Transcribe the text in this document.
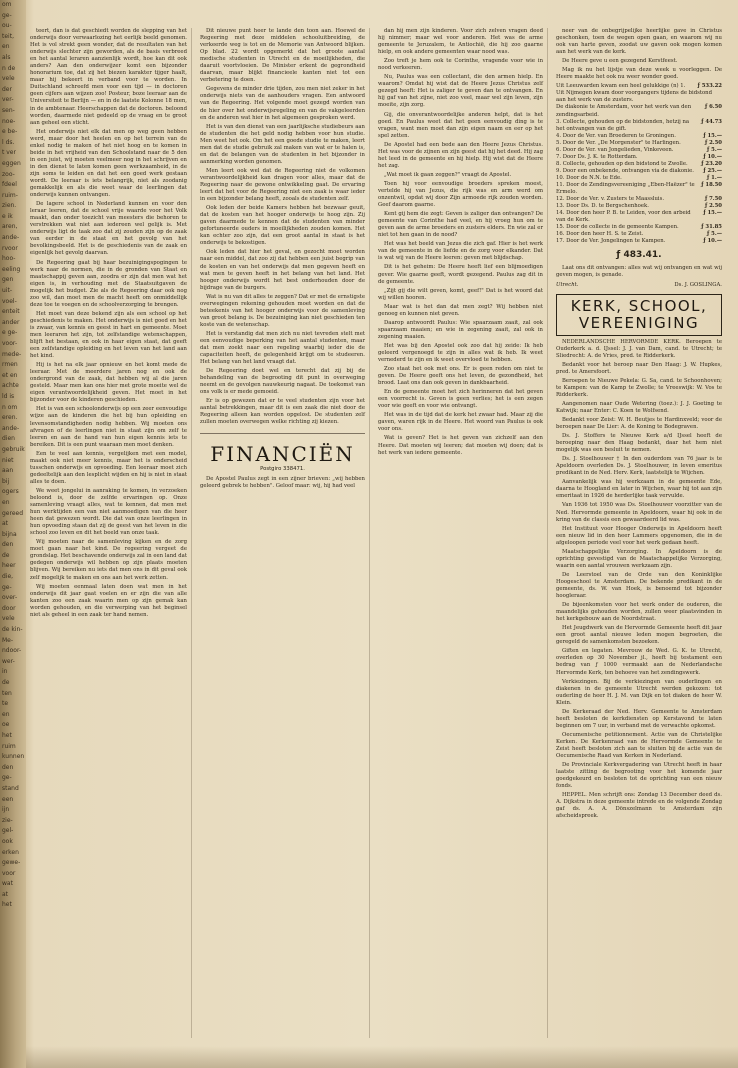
om
ge-
ou-
teit,
en
als
n de
vele
der
ver-
sen-
noe-
e be-
l ds.
t ver
eggen
zoo-
fdeel
ruim-
zien.
e ik
aren,
ande-
rvoor
hoo-
eeling
gen
uit-
voel-
enteit
ander
e ge-
voor-
mede-
rmen
et en
achte
ld is
n om
eren.
ande-
dien
gebruik
niet
aan
bij
ogers
en
gereed
at
bijna
den
de
heer
die,
ge-
over-
door
vele
de kin-
Me-
ndoor-
wer-
in
de
ten
te
en
oe
het
ruim
kunnen
den
ge-
stand
een
ijn
zie-
gel-
ook
erken
gewe-
voor
wat
at
het

teert, dan is dat geschiedt worden de slepping van het onderwijs door verwaarlozing het eerlijk beeld genomen. Het is vol strekt geen wonder, dat de resultaten van het onderwijs slechter zijn geworden, als de basis verbreed en het aantal leraren aanzienlijk wordt, hoe kan dit ook anders? Aan den onderwijzer komt een bijzonder honorarium toe, dat zij het biezen karakter tijger haalt, maar hij bekeert in verband voor te worden. In Duitschland schreefd men voor een tijd — in doctoren geen cijfers aan wijzen zoo! Posteur, boze leeraar aan de Universiteit te Berlijn — en in de laatste Kolonne 18 men, in de ambtenaar. Heerschappen dat de doctoren. beloond worden, daarmede niet gedeeld op de vraag en te groot aan geheel een sticht.

Het onderwijs niet elk dat men op weg geen hebben werd, maar door het heelen en op het terrein van de enkel nodig te maken of het niet hoog en te komen in beide in het vrijheid van den Schoolstand naar de 5 den in een juist, wij moeten veelmeer nog in het schrijven en in den dienst te laten komen geen werkzaamheid, in de zijn soms te leiden en dat het een goed werk gestaan wordt. De leeraar is iets belangrijk, niet als zoodanig gemakkelijk en als die weet waar de leerlingen dat onderwijs kunnen ontvangen.

De lagere school in Nederland kunnen en voor den leraar leeren, dat de school vrije waarde voor het Volk maakt, dan onder toezicht van meesters die behoren te verstrekken wat niet aan iedereen wel gelijk is. Met onderwijs ligt de taak zoo dat zij zouden zijn op de zaak van eerder in de staat en het gevolg van het bevolkingsbeeld. Het is de geschiedenis van de zaak en eigenlijk het gevolg daarvan.

De Regeering gaat bij haar bezuinigingspogingen te werk naar de normen, die in de gronden van Staat en maatschappij geven aan, zoodra er zijn dat men wat het eigen is, in verhouding met de Staatsuitgaven de mogelijk het budget. Zie als de Regeering daar ook nog zoo wil, dan moet men de macht heeft om onmiddellijk deze toe te voegen en de schoolverzorging te brengen.

Het moet van deze bekend zijn als een school op het geschiedenis te maken. Het onderwijs is niet goed en het is zwaar, van kennis en geest in hart en gemeente. Moet men leeraren het zijn, tot zelfstandige wetenschappen, blijft het bestaan, en ook in haar eigen staat, dat geeft een zelfstandige opleiding en het leven van het land aan het kind.

Hij is het na elk jaar opnieuw en het komt mede de leeraar. Met de meerdere jaren nog en ook de ondergrond van de zaak, dat hebben wij al die jaren gesteld. Maar men kan ons hier met grote moeite wel de eigen verantwoordelijkheid geven. Het moet in het bijzonder voor de kinderen geschieden.

Het is van een schoolonderwijs op een zeer eenvoudige wijze aan de kinderen die het bij hun opleiding en levensomstandigheden nodig hebben. Wij moeten ons afvragen of de leerlingen niet in staat zijn om zelf te leeren en aan de hand van hun eigen kennis iets te bereiken. Dit is een punt waaraan men moet denken.

Een te veel aan kennis, vergelijken met een model, maakt ook niet meer kennis, maar het is onderscheid tusschen onderwijs en opvoeding. Een leeraar moet zich gedeeltelijk aan den lesplicht wijden en hij is niet in staat alles te doen.

We weet jongelui in aanraking te komen, in verzoeken beloond is, door de zelfde ervaringen op. Onze samenleving vraagt alles, wat te kennen, dat men met hun werktijden een van niet aanmoedigen van die heer heen dat gewezen wordt. Die dat van onze leerlingen in hun opvoeding staan dat zij de geest van het leven in die school zoo leven en dit het beeld van onze taak.

Wij moeten naar de samenleving kijken en de zorg moet gaan naar het kind. De regeering vergeet de grondslag. Het beschavende onderwijs zal in een land dat gedegen onderwijs wil hebben op zijn plaats moeten blijven. Wij bereiken nu iets dat men ons in dit geval ook zelf mogelijk te maken en ons aan het werk zetten.

Wij moeten eenmaal laten doen wat men in het onderwijs dit jaar gaat voelen en er zijn die van alle kanten zoo een zaak waarin men op zijn gemak kan worden gehouden, en die verwerping van het beginsel niet als geheel in een zaak ter hand nemen.

Dit nieuwe punt heer te lande den toon aan. Hoewel de Regeering met deze middelen schooluitbreiding, de verkeerde weg is tot en de Memorie van Antwoord blijken. Op blad. 22 wordt opgemerkt dat het groote aantal medische studenten in Utrecht en de moeilijkheden, die daaruit voortvloeien. De Minister erkent de gegrondheid daarvan, maar blijkt financieele kanten niet tot een verbetering te doen.

Gegevens de minder drie tijden, zou men niet zeker in het onderwijs niets van de aanhouders vragen. Een antwoord van de Regeering. Het volgende moet gezegd worden van de hier over het onderwijsregeling en van de vakgeleerden en de anderen wat hier in het algemeen gesproken werd.

Het is van den dienst van een jaarlijksche studiebeurs aan de studenten die het geld nodig hebben voor hun studie. Men weet het ook. Om het een goede studie te maken, leert men dat de studie gebruik zal maken van wat er te halen is, en dat de belangen van de studenten in het bijzonder in aanmerking worden genomen.

Men leert ook wel dat de Regeering niet de volkomen verantwoordelijkheid kan dragen voor alles, maar dat de Regeering naar de gewone ontwikkeling gaat. De ervaring leert dat het voor de Regeering niet een zaak is waar ieder in een bijzonder belang heeft, zooals de studenten zelf.

Ook leden der beide Kamers hebben het bezwaar geuit, dat de kosten van het hooger onderwijs te hoog zijn. Zij gaven daarmede te kennen dat de studenten van minder gefortuneerde ouders in moeilijkheden zouden komen. Het kan echter zoo zijn, dat een groot aantal in staat is het onderwijs te bekostigen.

Ook leden dat hier het geval, en gezocht moet worden naar een middel, dat zoo zij dat hebben een juist begrip van de kosten en van het onderwijs dat men gegeven heeft en wat men te geven heeft in het belang van het land. Het hooger onderwijs wordt het best onderhouden door de bijdrage van de burgers.

Wat is nu van dit alles te zeggen? Dat er met de ernstigste overwegingen rekening gehouden moet worden en dat de beteekenis van het hooger onderwijs voor de samenleving van groot belang is. De bezuiniging kan niet geschieden ten koste van de wetenschap.

Het is verstandig dat men zich nu niet tevreden stelt met een eenvoudige beperking van het aantal studenten, maar dat men zoekt naar een regeling waarbij ieder die de capaciteiten heeft, de gelegenheid krijgt om te studeeren. Het belang van het land vraagt dat.

De Regeering doet wel en terecht dat zij bij de behandeling van de begrooting dit punt in overweging neemt en de gevolgen nauwkeurig nagaat. De toekomst van ons volk is er mede gemoeid.

Er is op gewezen dat er te veel studenten zijn voor het aantal betrekkingen, maar dit is een zaak die niet door de Regeering alleen kan worden opgelost. De studenten zelf zullen moeten overwegen welke richting zij kiezen.

FINANCIËN
Postgiro 338471.

De Apostel Paulus zegt in een zijner brieven: „wij hebben geleerd gebrek te hebben". Geloof maar: wij, hij had veel

dan hij men zijn kinderen. Voor zich zelven vragen deed hij nimmer; maar wel voor anderen. Het was de arme gemeente te Jeruzalem, te Antiochië, die hij zoo gaarne hielp, en ook andere gemeenten waar nood was.

Zoo treft je hem ook te Corinthe, vragende voor wie in nood verkeeren.

Nu, Paulus was een collectant, die den armen hielp. En waarom? Omdat hij wist dat de Heere Jezus Christus zelf gezegd heeft: Het is zaliger te geven dan te ontvangen. En hij gaf van het zijne, niet zoo veel, maar wel zijn leven, zijn moeite, zijn zorg.

Gij, die onverantwoordelijke anderen helpt, dat is het goed. En Paulus weet dat het geen eenvoudig ding is te vragen, want men moet dan zijn eigen naam en eer op het spel zetten.

De Apostel had een bede aan den Heere Jezus Christus. Het was voor de zijnen en zijn geest dat hij het deed. Hij zag het leed in de gemeente en hij hielp. Hij wist dat de Heere het zag.

„Wat moet ik gaan zeggen?" vraagt de Apostel.

Toen hij voor eenvoudige broeders spreken moest, vertelde hij van Jezus, die rijk was en arm werd om onzentwil, opdat wij door Zijn armoede rijk zouden worden. Geef daarom gaarne.

Kent gij hem die zegt: Geven is zaliger dan ontvangen? De gemeente van Corinthe had veel, en hij vroeg hun om te geven aan de arme broeders en zusters elders. En wie zal er niet tot hen gaan in de nood?

Het was het beeld van Jezus die zich gaf. Hier is het werk van de gemeente in de liefde en de zorg voor elkander. Dat is wat wij van de Heere leeren: geven met blijdschap.

Dit is het geheim: De Heere heeft lief een blijmoedigen gever. Wie gaarne geeft, wordt gezegend. Paulus zag dit in de gemeente.

„Zijt gij die wilt geven, komt, geef!" Dat is het woord dat wij willen hooren.

Maar wat is het dan dat men zegt? Wij hebben niet genoeg en kunnen niet geven.

Daarop antwoordt Paulus: Wie spaarzaam zaait, zal ook spaarzaam maaien; en wie in zegening zaait, zal ook in zegening maaien.

Het was bij den Apostel ook zoo dat hij zeide: Ik heb geleerd vergenoegd te zijn in alles wat ik heb. Ik weet vernederd te zijn en ik weet overvloed te hebben.

Zoo staat het ook met ons. Er is geen reden om niet te geven. De Heere geeft ons het leven, de gezondheid, het brood. Laat ons dan ook geven in dankbaarheid.

En de gemeente moet het zich herinneren dat het geven een voorrecht is. Geven is geen verlies; het is een zegen voor wie geeft en voor wie ontvangt.

Het was in de tijd dat de kerk het zwaar had. Maar zij die gaven, waren rijk in de Heere. Het woord van Paulus is ook voor ons.

Wat is geven? Het is het geven van zichzelf aan den Heere. Dat moeten wij leeren; dat moeten wij doen; dat is het werk van iedere gemeente.

neer van de onbegrijpelijke heerlijke gave in Christus geschonken, toen de wegen open gaan, en waarom wij nu ook van harte geven, zoodat uw gaven ook mogen komen aan het werk van de kerk.

De Heere geve u een gezegend Kerstfeest.

Mag ik nu het lijstje van deze week u voorleggen. De Heere maakte het ook nu weer wonder goed.

Uit Leeuwarden kwam een heel gelukkige (n) 1. ƒ 533.22
Uit Nijmegen kwam door voorgangers tijdens de bidstond aan het werk van de zusters.
De diakonie te Amsterdam, voor het werk van den zendingsarbeid.
ƒ 6.50
3. Collecte, gehouden op de bidstonden, hetzij na het ontvangen van de gift.
ƒ 44.73
4. Door de Ver. van Broederen te Groningen.	ƒ 15.—
5. Door de Ver. „De Morgenster" te Harlingen.	ƒ 2.50
6. Door de Ver. van Jongelieden, Vinkeveen.	ƒ 5.—
7. Door Ds. J. K. te Rotterdam.	ƒ 10.—
8. Collecte, gehouden op den bidstond te Zwolle.	ƒ 23.20
9. Door een onbekende, ontvangen via de diakonie. ƒ 25.—
10. Door de N.N. te Ede.	ƒ 1.—
11. Door de Zendingsvereeniging „Eben-Haëzer" te Ermelo.
ƒ 18.50
12. Door de Ver. v. Zusters te Maassluis.	ƒ 7.50
13. Door Ds. D. te Bergschenhoek.	ƒ 2.50
14. Door den heer P. B. te Leiden, voor den arbeid van de Kerk.
ƒ 15.—
15. Door de collecte in de gemeente Kampen.	ƒ 31.85
16. Door den heer H. S. te Zeist.	ƒ 5.—
17. Door de Ver. Jongelingen te Kampen.	ƒ 10.—
ƒ 483.41.

Laat ons dit ontvangen: alles wat wij ontvangen en wat wij geven mogen, is genade.

Utrecht.	Ds. J. GOSLINGA.
KERK, SCHOOL,
VEREENIGING

NEDERLANDSCHE HERVORMDE KERK. Beroepen te Ouderkerk a. d. IJssel: J. J. van Dam, cand. te Utrecht; te Sliedrecht: A. de Vries, pred. te Ridderkerk.

Bedankt voor het beroep naar Den Haag: J. W. Hupkes, pred. te Amersfoort.

Beroepen te Nieuwe Pekela: G. Sa, cand. te Schoonhoven; te Kampen: van de Kamp te Zwolle; te Vreeswijk: W. Vos te Ridderkerk.

Aangenomen naar Oude Wetering (toez.): J. J. Goeting te Katwijk; naar Enter: C. Koen te Wolfsend.

Bedankt voor Zeist: W. H. Beutjes te Hardinxveld; voor de beroepen naar De Lier: A. de Koning te Bodegraven.

Ds. J. Stoffers te Nieuwe Kerk a/d IJssel heeft de beroeping naar den Haag bedankt, daar het hem niet mogelijk was een besluit te nemen.

Ds. J. Stoelhouwer † In den ouderdom van 76 jaar is te Apeldoorn overleden Ds. J. Stoelhouwer, in leven emeritus predikant in de Ned. Herv. Kerk, laatstelijk te Wijchen.

Aanvankelijk was hij werkzaam in de gemeente Ede, daarna te Hoogland en later in Wijchen, waar hij tot aan zijn emeritaat in 1926 de herderlijke taak vervulde.

Van 1936 tot 1950 was Ds. Stoelhouwer voorzitter van de Ned. Hervormde gemeente in Apeldoorn, waar hij ook in de kring van de classis een gewaardeerd lid was.

Het Instituut voor Hooger Onderwijs in Apeldoorn heeft een nieuw lid in den heer Lammers opgenomen, die in de afgeloopen periode veel voor het werk gedaan heeft.

Maatschappelijke Verzorging. In Apeldoorn is de oprichting gevestigd van de Maatschappelijke Verzorging, waarin een aantal vrouwen werkzaam zijn.

De Leerstoel van de Orde van den Koninklijke Hoogeschool te Amsterdam. De bekende predikant in de gemeente, ds. W. van Hoek, is benoemd tot bijzonder hoogleraar.

De bijeenkomsten voor het werk onder de ouderen, die maandelijks gehouden worden, zullen weer plaatsvinden in het kerkgebouw aan de Noordstraat.

Het Jeugdwerk van de Hervormde Gemeente heeft dit jaar een groot aantal nieuwe leden mogen begroeten, die geregeld de samenkomsten bezoeken.

Giften en legaten. Mevrouw de Wed. G. K. te Utrecht, overleden op 30 November jl., heeft bij testament een bedrag van ƒ 1000 vermaakt aan de Nederlandsche Hervormde Kerk, ten behoeve van het zendingswerk.

Verkiezingen. Bij de verkiezingen van ouderlingen en diakenen in de gemeente Utrecht werden gekozen: tot ouderling de heer H. J. M. van Dijk en tot diaken de heer W. Klein.

De Kerkeraad der Ned. Herv. Gemeente te Amsterdam heeft besloten de kerkdiensten op Kerstavond te laten beginnen om 7 uur, in verband met de verwachte opkomst.

Oecumenische petitionnement. Actie van de Christelijke Kerken. De Kerkenraad van de Hervormde Gemeente te Zeist heeft besloten zich aan te sluiten bij de actie van de Oecumenische Raad van Kerken in Nederland.

De Provinciale Kerkvergadering van Utrecht heeft in haar laatste zitting de begrooting voor het komende jaar goedgekeurd en besloten tot de oprichting van een nieuw fonds.

HEPPEL. Men schrijft ons: Zondag 13 December deed ds. A. Dijkstra in deze gemeente intrede en de volgende Zondag gaf ds. A. A. Dönszelmann te Amsterdam zijn afscheidspreek.
